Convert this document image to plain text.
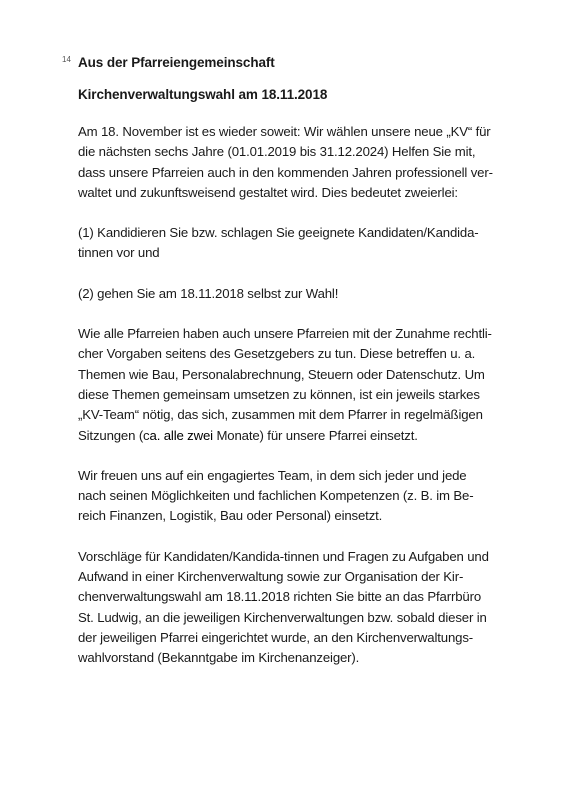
14 Aus der Pfarreiengemeinschaft
Kirchenverwaltungswahl am 18.11.2018

Am 18. November ist es wieder soweit: Wir wählen unsere neue „KV“ für
die nächsten sechs Jahre (01.01.2019 bis 31.12.2024) Helfen Sie mit,
dass unsere Pfarreien auch in den kommenden Jahren professionell ver-
waltet und zukunftsweisend gestaltet wird. Dies bedeutet zweierlei:

(1) Kandidieren Sie bzw. schlagen Sie geeignete Kandidaten/Kandida-
tinnen vor und

(2) gehen Sie am 18.11.2018 selbst zur Wahl!

Wie alle Pfarreien haben auch unsere Pfarreien mit der Zunahme rechtli-
cher Vorgaben seitens des Gesetzgebers zu tun. Diese betreffen u. a.
Themen wie Bau, Personalabrechnung, Steuern oder Datenschutz. Um
diese Themen gemeinsam umsetzen zu können, ist ein jeweils starkes
„KV-Team“ nötig, das sich, zusammen mit dem Pfarrer in regelmäßigen
Sitzungen (ca. alle zwei Monate) für unsere Pfarrei einsetzt.

Wir freuen uns auf ein engagiertes Team, in dem sich jeder und jede
nach seinen Möglichkeiten und fachlichen Kompetenzen (z. B. im Be-
reich Finanzen, Logistik, Bau oder Personal) einsetzt.

Vorschläge für Kandidaten/Kandida-tinnen und Fragen zu Aufgaben und
Aufwand in einer Kirchenverwaltung sowie zur Organisation der Kir-
chenverwaltungswahl am 18.11.2018 richten Sie bitte an das Pfarrbüro
St. Ludwig, an die jeweiligen Kirchenverwaltungen bzw. sobald dieser in
der jeweiligen Pfarrei eingerichtet wurde, an den Kirchenverwaltungs-
wahlvorstand (Bekanntgabe im Kirchenanzeiger).
